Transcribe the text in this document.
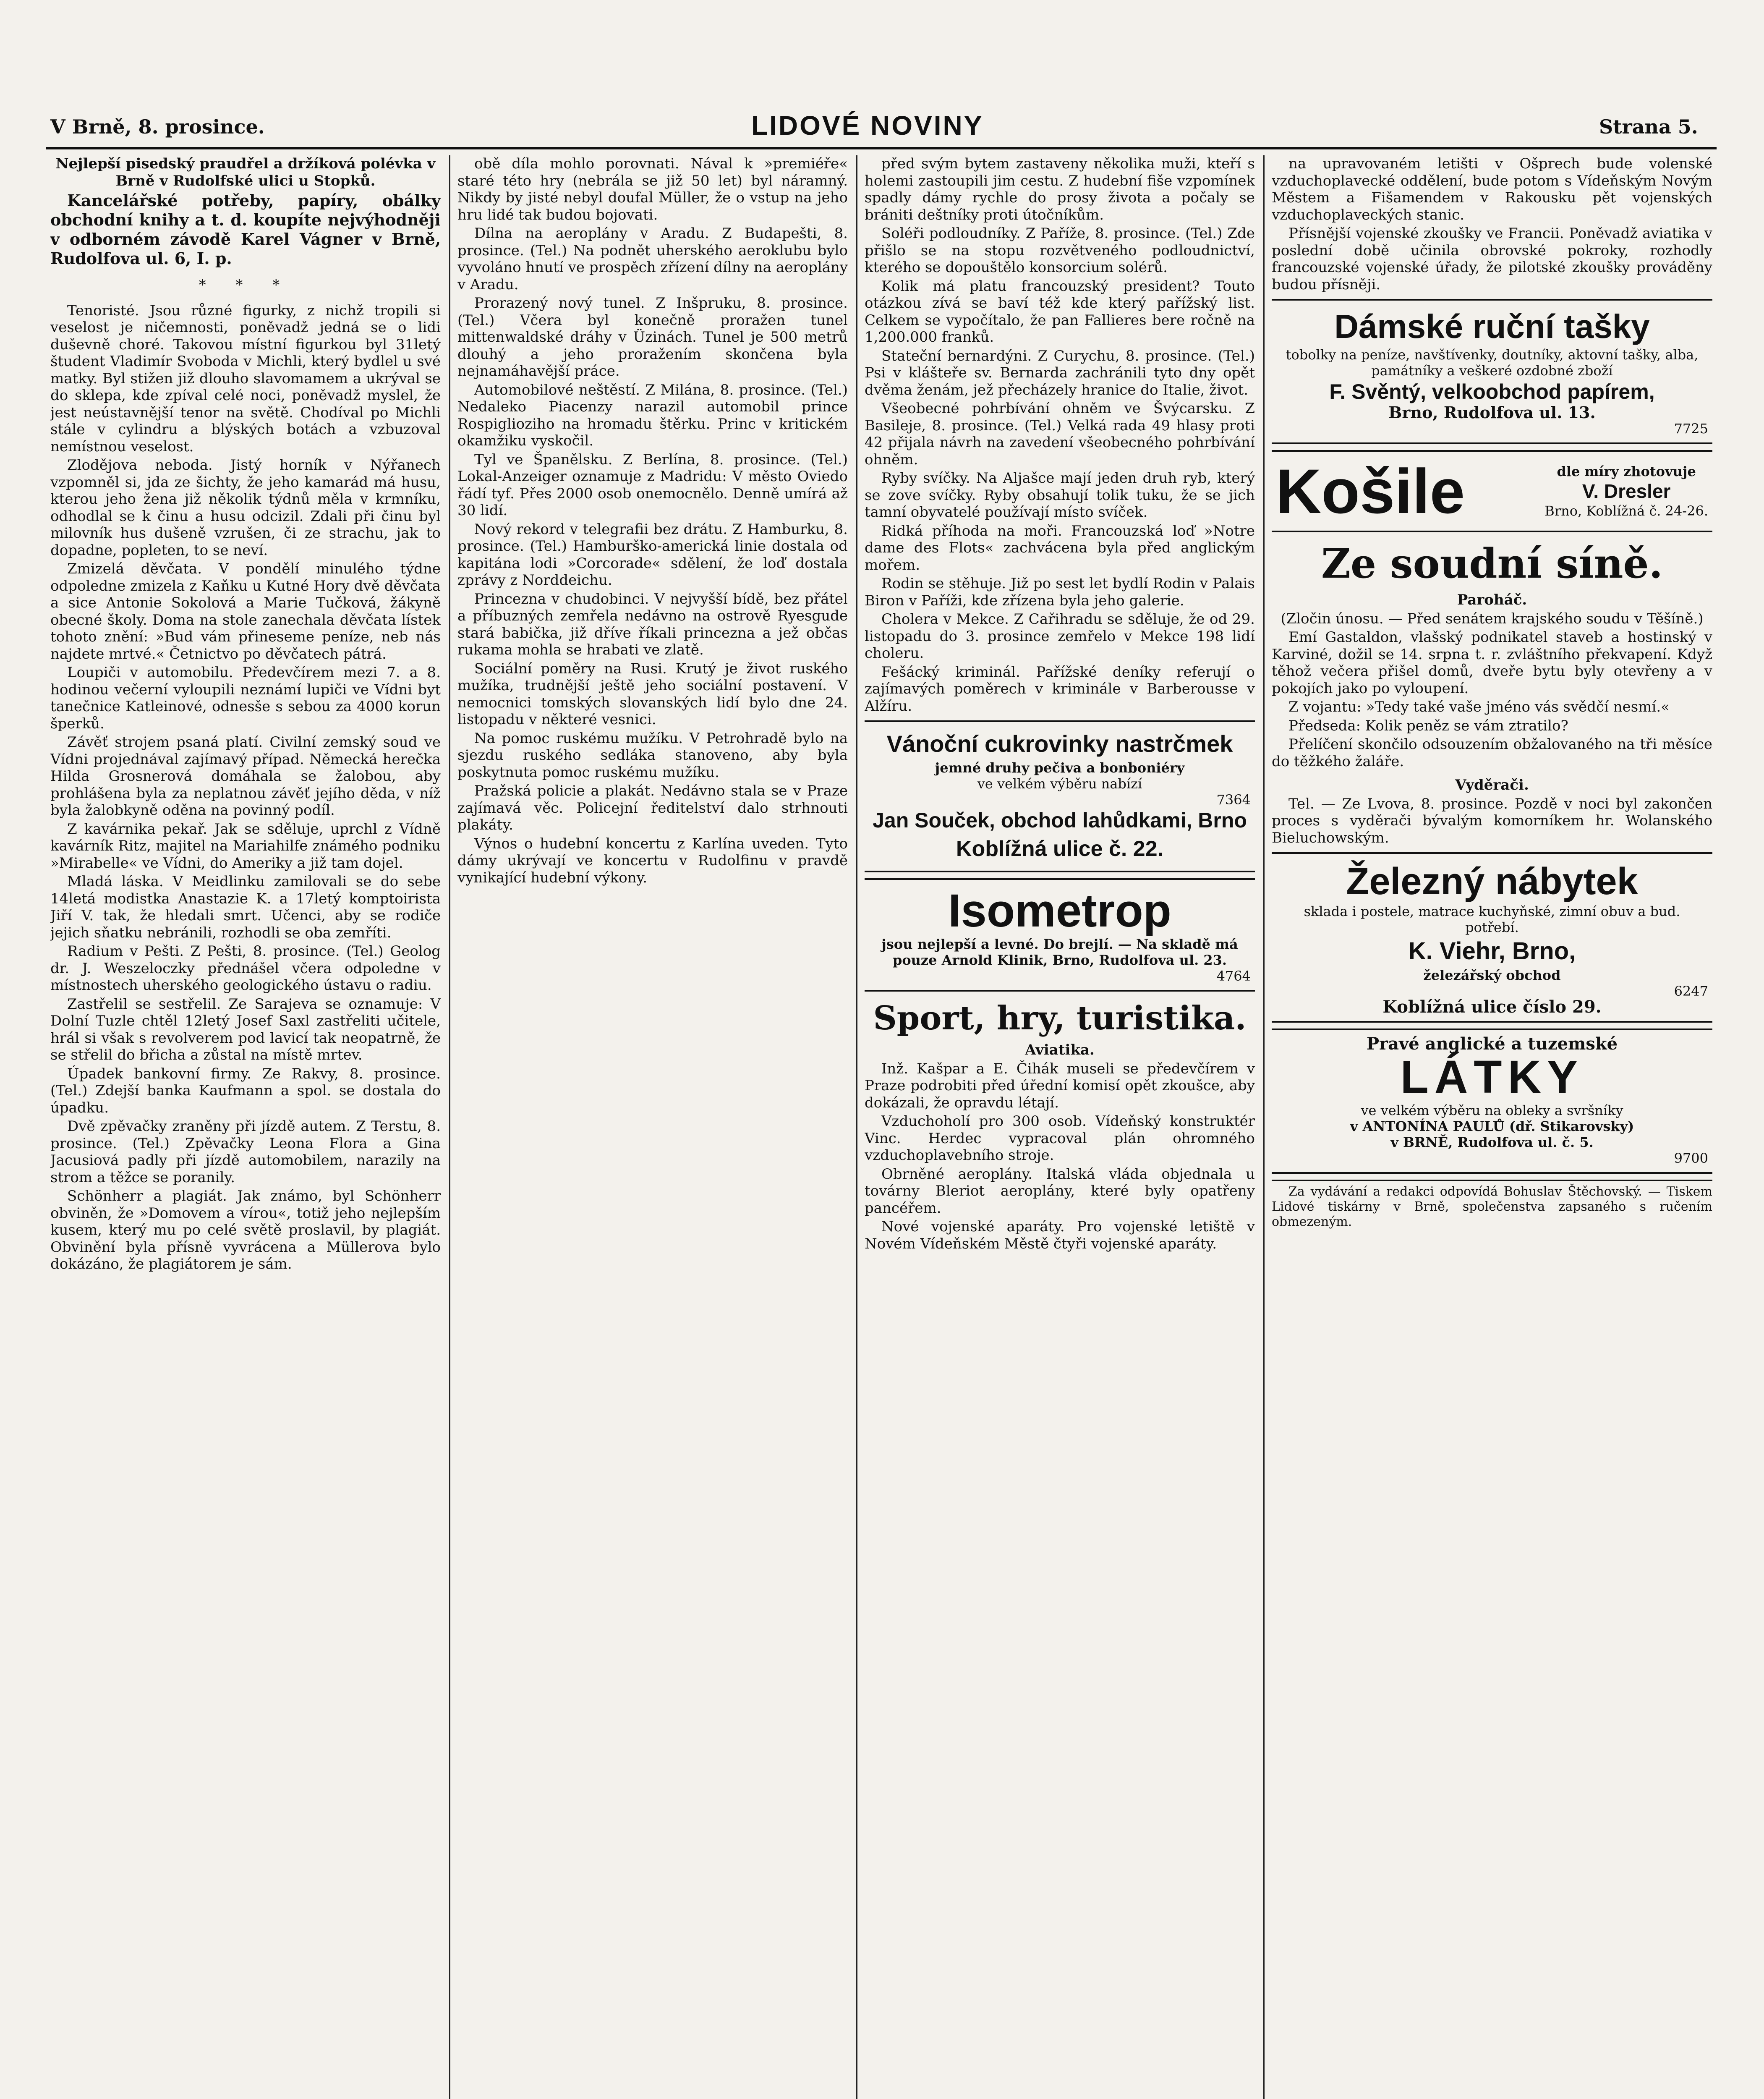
V Brně, 8. prosince.	LIDOVÉ NOVINY	Strana 5.

Nejlepší pisedský praudřel a držíková polévka v Brně v Rudolfské ulici u Stopků.

Kancelářské potřeby, papíry, obálky obchodní knihy a t. d. koupíte nejvýhodněji v odborném závodě Karel Vágner v Brně, Rudolfova ul. 6, I. p.

* * *

Tenoristé. Jsou různé figurky, z nichž tropili si veselost je ničemnosti, poněvadž jedná se o lidi duševně choré. Takovou místní figurkou byl 31letý študent Vladimír Svoboda v Michli, který bydlel u své matky. Byl stižen již dlouho slavomamem a ukrýval se do sklepa, kde zpíval celé noci, poněvadž myslel, že jest neústavnější tenor na světě. Chodíval po Michli stále v cylindru a blýských botách a vzbuzoval nemístnou veselost.

Zlodějova neboda. Jistý horník v Nýřanech vzpomněl si, jda ze šichty, že jeho kamarád má husu, kterou jeho žena již několik týdnů měla v krmníku, odhodlal se k činu a husu odcizil. Zdali při činu byl milovník hus dušeně vzrušen, či ze strachu, jak to dopadne, popleten, to se neví.

Zmizelá děvčata. V pondělí minulého týdne odpoledne zmizela z Kaňku u Kutné Hory dvě děvčata a sice Antonie Sokolová a Marie Tučková, žákyně obecné školy. Doma na stole zanechala děvčata lístek tohoto znění: »Bud vám přineseme peníze, neb nás najdete mrtvé.« Četnictvo po děvčatech pátrá.

Loupiči v automobilu. Předevčírem mezi 7. a 8. hodinou večerní vyloupili neznámí lupiči ve Vídni byt tanečnice Katleinové, odnesše s sebou za 4000 korun šperků.

Závěť strojem psaná platí. Civilní zemský soud ve Vídni projednával zajímavý případ. Německá herečka Hilda Grosnerová domáhala se žalobou, aby prohlášena byla za neplatnou závěť jejího děda, v níž byla žalobkyně oděna na povinný podíl.

Z kavárnika pekař. Jak se sděluje, uprchl z Vídně kavárník Ritz, majitel na Mariahilfe známého podniku »Mirabelle« ve Vídni, do Ameriky a již tam dojel.

Mladá láska. V Meidlinku zamilovali se do sebe 14letá modistka Anastazie K. a 17letý komptoirista Jiří V. tak, že hledali smrt. Učenci, aby se rodiče jejich sňatku nebránili, rozhodli se oba zemříti.

Radium v Pešti. Z Pešti, 8. prosince. (Tel.) Geolog dr. J. Weszeloczky přednášel včera odpoledne v místnostech uherského geologického ústavu o radiu.

Zastřelil se sestřelil. Ze Sarajeva se oznamuje: V Dolní Tuzle chtěl 12letý Josef Saxl zastřeliti učitele, hrál si však s revolverem pod lavicí tak neopatrně, že se střelil do břicha a zůstal na místě mrtev.

Úpadek bankovní firmy. Ze Rakvy, 8. prosince. (Tel.) Zdejší banka Kaufmann a spol. se dostala do úpadku.

Dvě zpěvačky zraněny při jízdě autem. Z Terstu, 8. prosince. (Tel.) Zpěvačky Leona Flora a Gina Jacusiová padly při jízdě automobilem, narazily na strom a těžce se poranily.

Schönherr a plagiát. Jak známo, byl Schönherr obviněn, že »Domovem a vírou«, totiž jeho nejlepším kusem, který mu po celé světě proslavil, by plagiát. Obvinění byla přísně vyvrácena a Müllerova bylo dokázáno, že plagiátorem je sám.

obě díla mohlo porovnati. Nával k »premiéře« staré této hry (nebrála se již 50 let) byl náramný. Nikdy by jisté nebyl doufal Müller, že o vstup na jeho hru lidé tak budou bojovati.

Dílna na aeroplány v Aradu. Z Budapešti, 8. prosince. (Tel.) Na podnět uherského aeroklubu bylo vyvoláno hnutí ve prospěch zřízení dílny na aeroplány v Aradu.

Prorazený nový tunel. Z Inšpruku, 8. prosince. (Tel.) Včera byl konečně proražen tunel mittenwaldské dráhy v Üzinách. Tunel je 500 metrů dlouhý a jeho proražením skončena byla nejnamáhavější práce.

Automobilové neštěstí. Z Milána, 8. prosince. (Tel.) Nedaleko Piacenzy narazil automobil prince Rospiglioziho na hromadu štěrku. Princ v kritickém okamžiku vyskočil.

Tyl ve Španělsku. Z Berlína, 8. prosince. (Tel.) Lokal-Anzeiger oznamuje z Madridu: V město Oviedo řádí tyf. Přes 2000 osob onemocnělo. Denně umírá až 30 lidí.

Nový rekord v telegrafii bez drátu. Z Hamburku, 8. prosince. (Tel.) Hamburško-americká linie dostala od kapitána lodi »Corcorade« sdělení, že loď dostala zprávy z Norddeichu.

Princezna v chudobinci. V nejvyšší bídě, bez přátel a příbuzných zemřela nedávno na ostrově Ryesgude stará babička, již dříve říkali princezna a jež občas rukama mohla se hrabati ve zlatě.

Sociální poměry na Rusi. Krutý je život ruského mužíka, trudnější ještě jeho sociální postavení. V nemocnici tomských slovanských lidí bylo dne 24. listopadu v některé vesnici.

Na pomoc ruskému mužíku. V Petrohradě bylo na sjezdu ruského sedláka stanoveno, aby byla poskytnuta pomoc ruskému mužíku.

Pražská policie a plakát. Nedávno stala se v Praze zajímavá věc. Policejní ředitelství dalo strhnouti plakáty.

Výnos o hudební koncertu z Karlína uveden. Tyto dámy ukrývají ve koncertu v Rudolfinu v pravdě vynikající hudební výkony.

před svým bytem zastaveny několika muži, kteří s holemi zastoupili jim cestu. Z hudební fiše vzpomínek spadly dámy rychle do prosy života a počaly se brániti deštníky proti útočníkům.

Soléři podloudníky. Z Paříže, 8. prosince. (Tel.) Zde přišlo se na stopu rozvětveného podloudnictví, kterého se dopouštělo konsorcium solérů.

Kolik má platu francouzský president? Touto otázkou zívá se baví též kde který pařížský list. Celkem se vypočítalo, že pan Fallieres bere ročně na 1,200.000 franků.

Stateční bernardýni. Z Curychu, 8. prosince. (Tel.) Psi v klášteře sv. Bernarda zachránili tyto dny opět dvěma ženám, jež přecházely hranice do Italie, život.

Všeobecné pohrbívání ohněm ve Švýcarsku. Z Basileje, 8. prosince. (Tel.) Velká rada 49 hlasy proti 42 přijala návrh na zavedení všeobecného pohrbívání ohněm.

Ryby svíčky. Na Aljašce mají jeden druh ryb, který se zove svíčky. Ryby obsahují tolik tuku, že se jich tamní obyvatelé používají místo svíček.

Ridká příhoda na moři. Francouzská loď »Notre dame des Flots« zachvácena byla před anglickým mořem.

Rodin se stěhuje. Již po sest let bydlí Rodin v Palais Biron v Paříži, kde zřízena byla jeho galerie.

Cholera v Mekce. Z Cařihradu se sděluje, že od 29. listopadu do 3. prosince zemřelo v Mekce 198 lidí choleru.

Fešácký kriminál. Pařížské deníky referují o zajímavých poměrech v kriminále v Barberousse v Alžíru.

Vánoční cukrovinky nastrčmek
jemné druhy pečiva a bonboniéry
ve velkém výběru nabízí
7364
Jan Souček, obchod lahůdkami, Brno
Koblížná ulice č. 22.
Isometrop
jsou nejlepší a levné. Do brejlí. — Na skladě má pouze Arnold Klinik, Brno, Rudolfova ul. 23.
4764
Sport, hry, turistika.

Aviatika.

Inž. Kašpar a E. Čihák museli se předevčírem v Praze podrobiti před úřední komisí opět zkoušce, aby dokázali, že opravdu létají.

Vzduchoholí pro 300 osob. Vídeňský konstruktér Vinc. Herdec vypracoval plán ohromného vzduchoplavebního stroje.

Obrněné aeroplány. Italská vláda objednala u továrny Bleriot aeroplány, které byly opatřeny pancéřem.

Nové vojenské aparáty. Pro vojenské letiště v Novém Vídeňském Městě čtyři vojenské aparáty.

na upravovaném letišti v Ošprech bude volenské vzduchoplavecké oddělení, bude potom s Vídeňským Novým Městem a Fišamendem v Rakousku pět vojenských vzduchoplaveckých stanic.

Přísnější vojenské zkoušky ve Francii. Poněvadž aviatika v poslední době učinila obrovské pokroky, rozhodly francouzské vojenské úřady, že pilotské zkoušky prováděny budou přísněji.

Dámské ruční tašky
tobolky na peníze, navštívenky, doutníky, aktovní tašky, alba, památníky a veškeré ozdobné zboží
F. Svěntý, velkoobchod papírem,
Brno, Rudolfova ul. 13.
7725
Košile	dle míry zhotovuje
V. Dresler
Brno, Koblížná č. 24-26.
Ze soudní síně.

Paroháč.

(Zločin únosu. — Před senátem krajského soudu v Těšíně.)

Emí Gastaldon, vlašský podnikatel staveb a hostinský v Karviné, dožil se 14. srpna t. r. zvláštního překvapení. Když těhož večera přišel domů, dveře bytu byly otevřeny a v pokojích jako po vyloupení.

Z vojantu: »Tedy také vaše jméno vás svědčí nesmí.«

Předseda: Kolik peněz se vám ztratilo?

Přelíčení skončilo odsouzením obžalovaného na tři měsíce do těžkého žaláře.

Vyděrači.

Tel. — Ze Lvova, 8. prosince. Pozdě v noci byl zakončen proces s vyděrači bývalým komorníkem hr. Wolanského Bieluchowským.

Železný nábytek
sklada i postele, matrace kuchyňské, zimní obuv a bud. potřebí.
K. Viehr, Brno,
železářský obchod
6247
Koblížná ulice číslo 29.
Pravé anglické a tuzemské
LÁTKY
ve velkém výběru na obleky a svršníky
v ANTONÍNA PAULŮ (dř. Stikarovsky)
v BRNĚ, Rudolfova ul. č. 5.
9700

Za vydávání a redakci odpovídá Bohuslav Štěchovský. — Tiskem Lidové tiskárny v Brně, společenstva zapsaného s ručením obmezeným.
